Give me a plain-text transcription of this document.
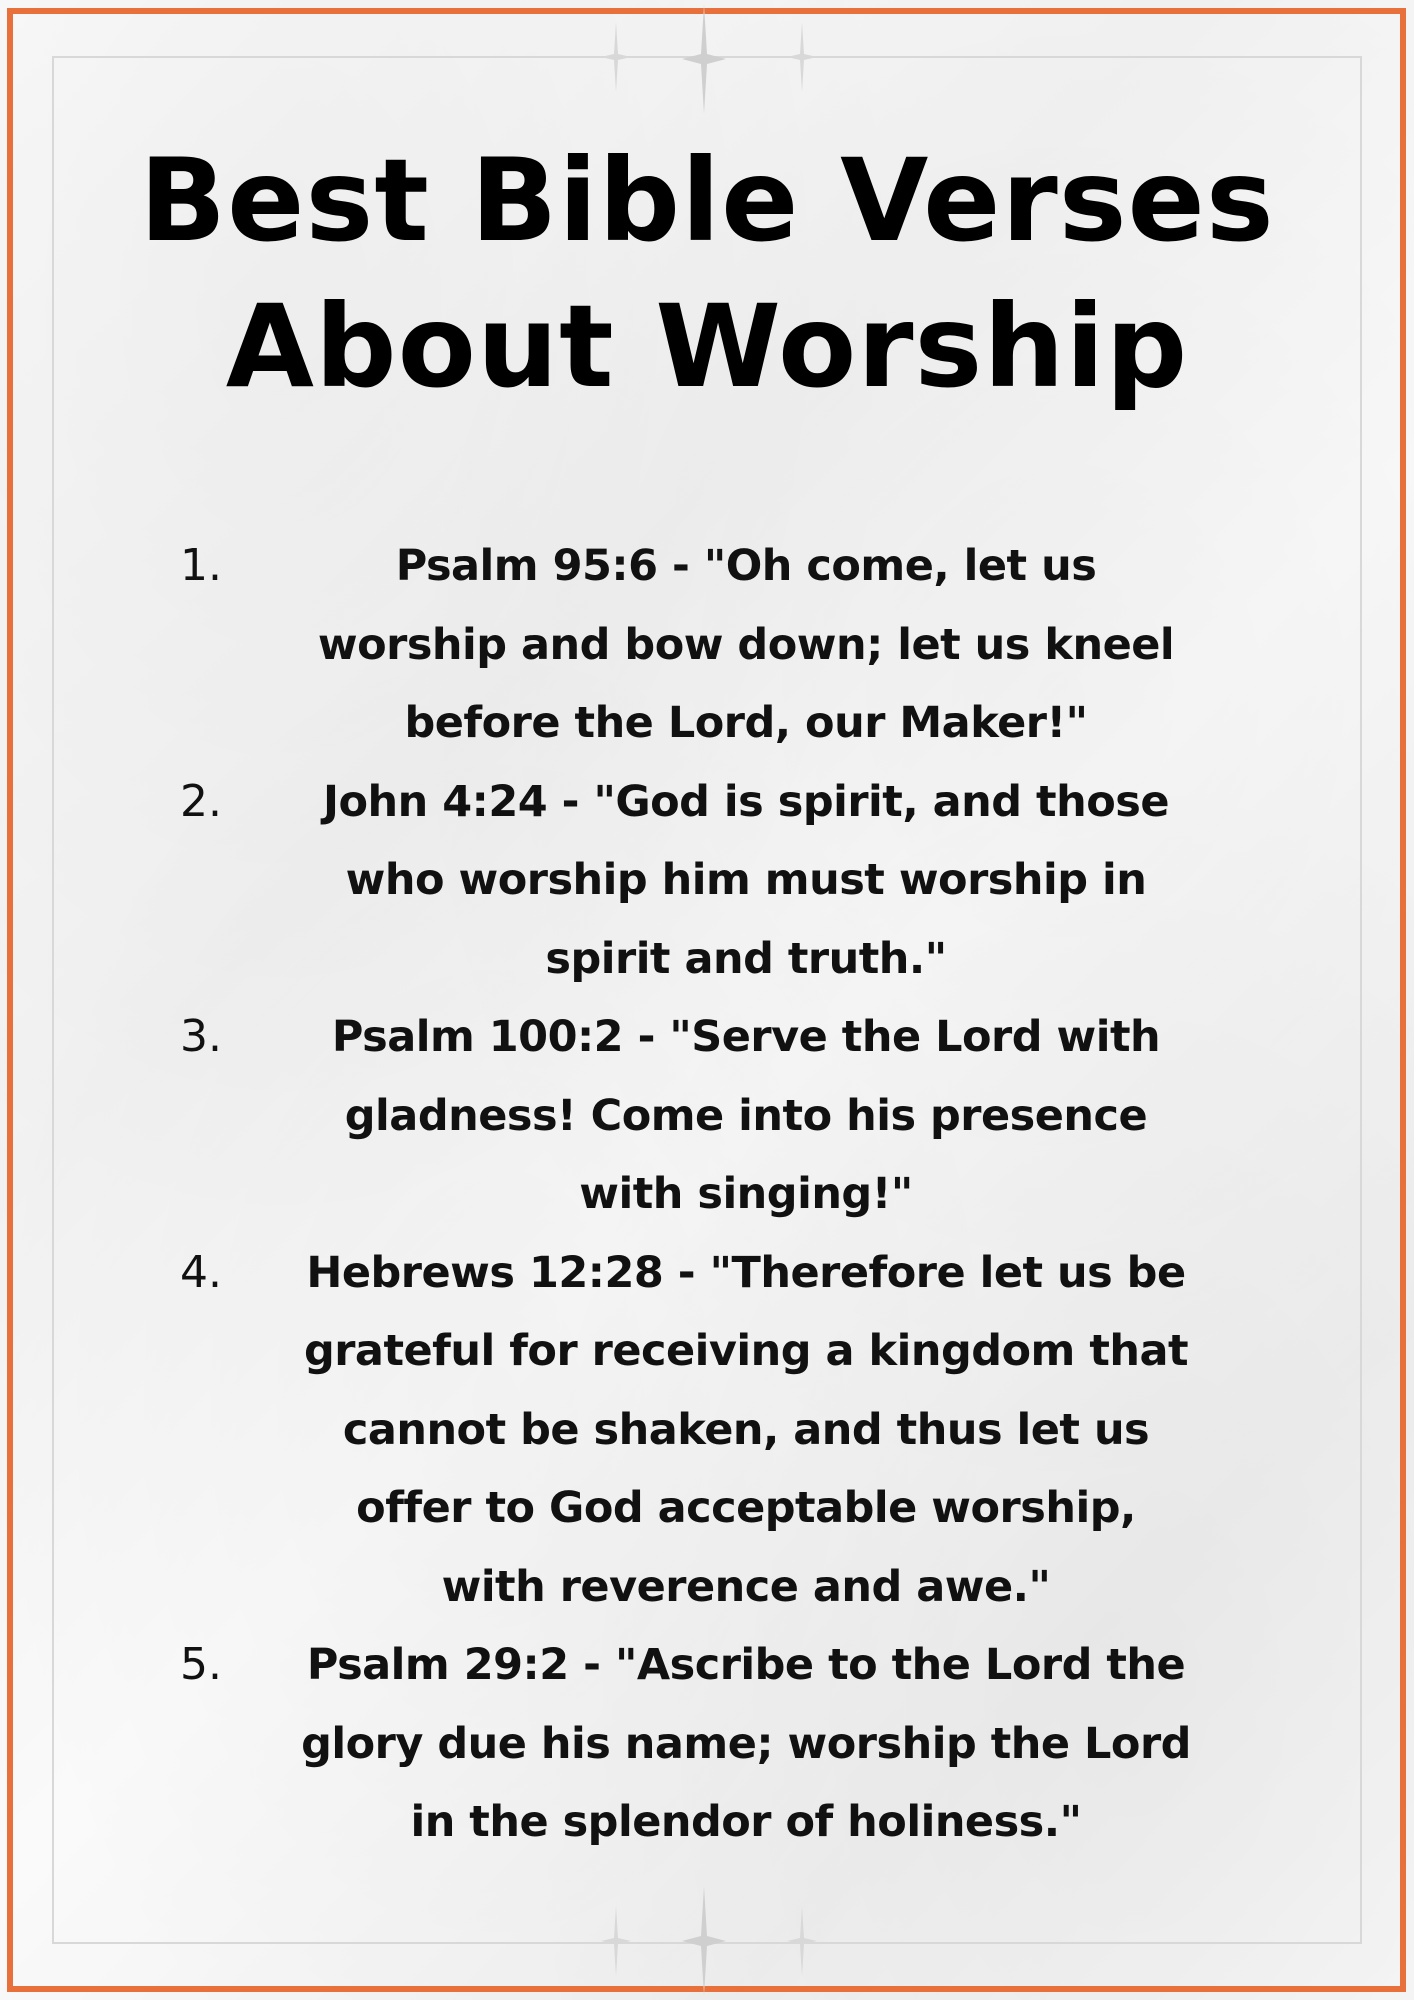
Best Bible Verses
About Worship
1.	Psalm 95:6 - "Oh come, let us
worship and bow down; let us kneel
before the Lord, our Maker!"
2.	John 4:24 - "God is spirit, and those
who worship him must worship in
spirit and truth."
3.	Psalm 100:2 - "Serve the Lord with
gladness! Come into his presence
with singing!"
4.	Hebrews 12:28 - "Therefore let us be
grateful for receiving a kingdom that
cannot be shaken, and thus let us
offer to God acceptable worship,
with reverence and awe."
5.	Psalm 29:2 - "Ascribe to the Lord the
glory due his name; worship the Lord
in the splendor of holiness."
